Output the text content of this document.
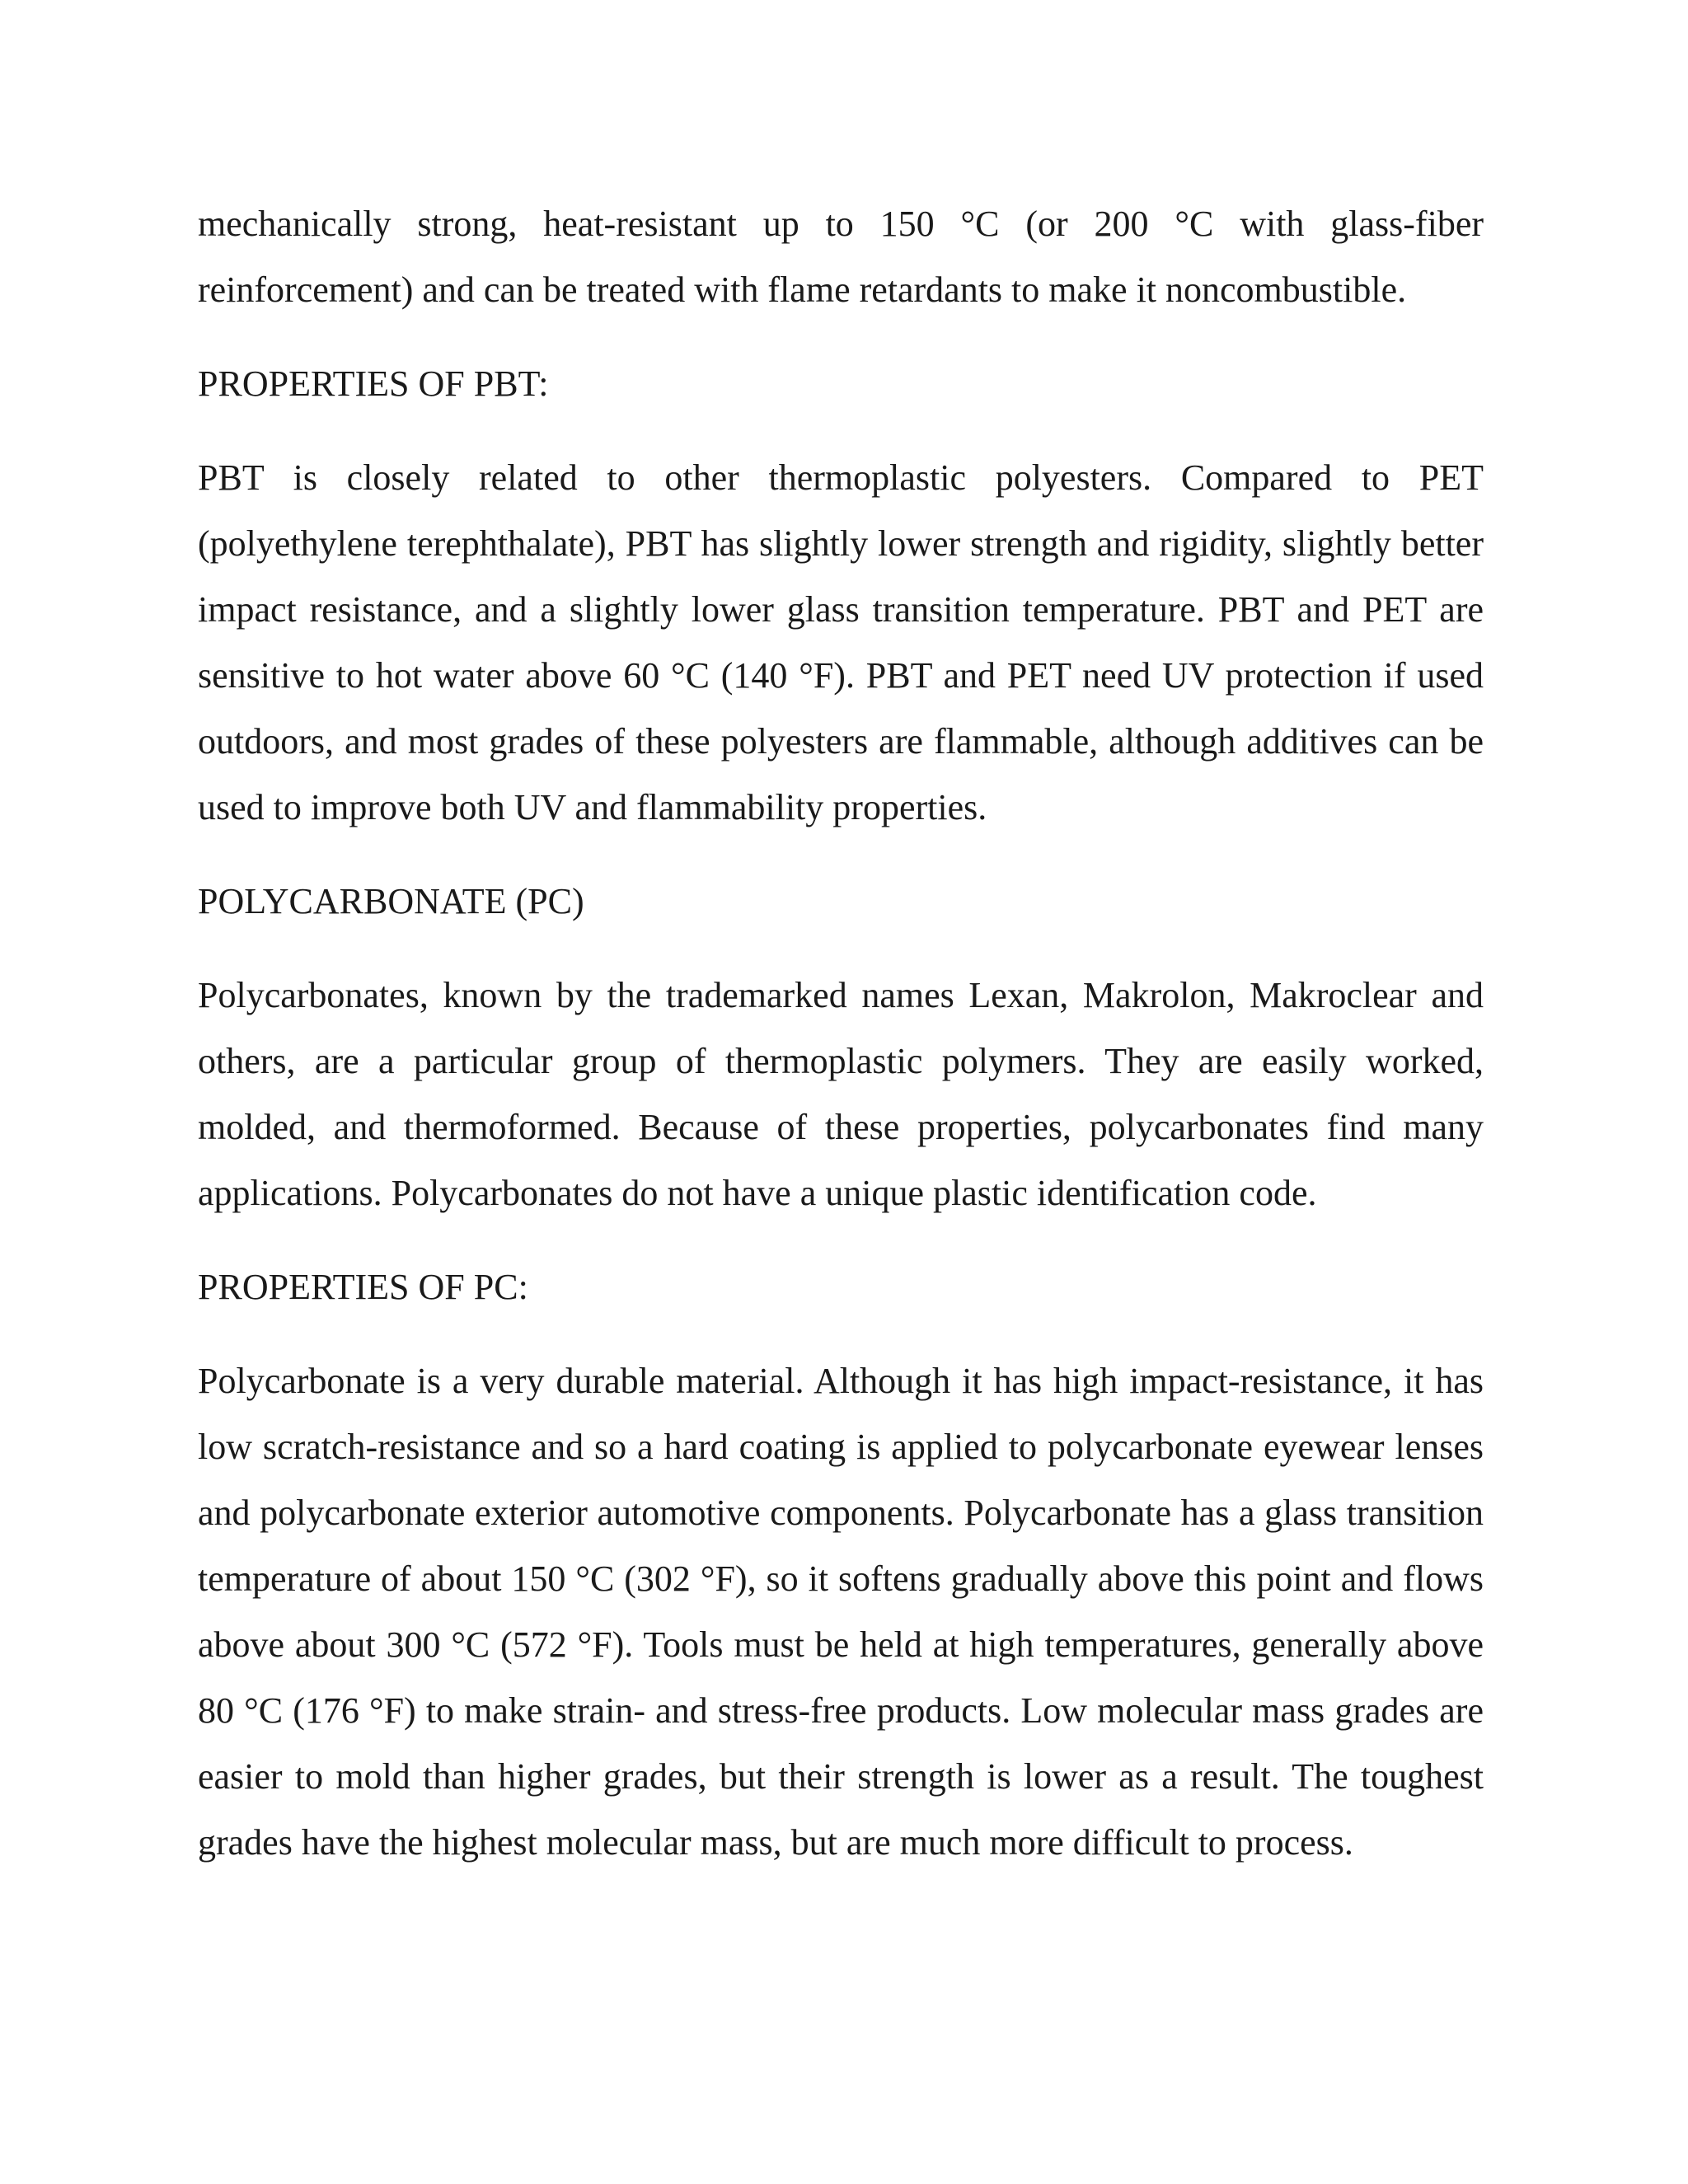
mechanically strong, heat-resistant up to 150 °C (or 200 °C with glass-fiber reinforcement) and can be treated with flame retardants to make it noncombustible.

PROPERTIES OF PBT:

PBT is closely related to other thermoplastic polyesters. Compared to PET (polyethylene terephthalate), PBT has slightly lower strength and rigidity, slightly better impact resistance, and a slightly lower glass transition temperature. PBT and PET are sensitive to hot water above 60 °C (140 °F). PBT and PET need UV protection if used outdoors, and most grades of these polyesters are flammable, although additives can be used to improve both UV and flammability properties.

POLYCARBONATE (PC)

Polycarbonates, known by the trademarked names Lexan, Makrolon, Makroclear and others, are a particular group of thermoplastic polymers. They are easily worked, molded, and thermoformed. Because of these properties, polycarbonates find many applications. Polycarbonates do not have a unique plastic identification code.

PROPERTIES OF PC:

Polycarbonate is a very durable material. Although it has high impact-resistance, it has low scratch-resistance and so a hard coating is applied to polycarbonate eyewear lenses and polycarbonate exterior automotive components. Polycarbonate has a glass transition temperature of about 150 °C (302 °F), so it softens gradually above this point and flows above about 300 °C (572 °F). Tools must be held at high temperatures, generally above 80 °C (176 °F) to make strain- and stress-free products. Low molecular mass grades are easier to mold than higher grades, but their strength is lower as a result. The toughest grades have the highest molecular mass, but are much more difficult to process.
